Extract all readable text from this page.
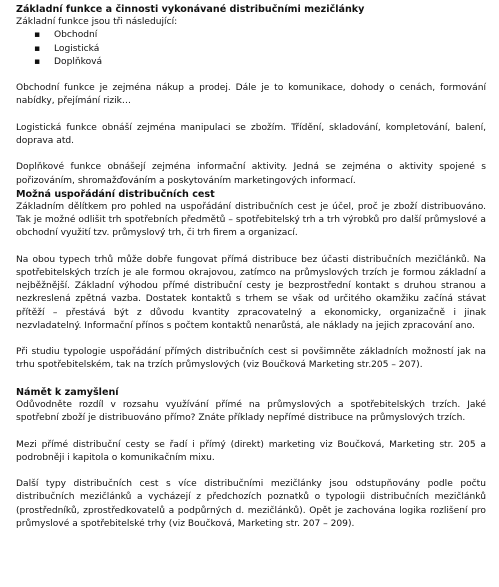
Základní funkce a činnosti vykonávané distribučními mezičlánky

Základní funkce jsou tři následující:

▪ Obchodní
▪ Logistická
▪ Doplňková

Obchodní funkce je zejména nákup a prodej. Dále je to komunikace, dohody o cenách, formování nabídky, přejímání rizik…

Logistická funkce obnáší zejména manipulaci se zbožím. Třídění, skladování, kompletování, balení, doprava atd.

Doplňkové funkce obnášejí zejména informační aktivity. Jedná se zejména o aktivity spojené s pořizováním, shromažďováním a poskytováním marketingových informací.

Možná uspořádání distribučních cest

Základním dělítkem pro pohled na uspořádání distribučních cest je účel, proč je zboží distribuováno. Tak je možné odlišit trh spotřebních předmětů – spotřebitelský trh a trh výrobků pro další průmyslové a obchodní využití tzv. průmyslový trh, či trh firem a organizací.

Na obou typech trhů může dobře fungovat přímá distribuce bez účasti distribučních mezičlánků. Na spotřebitelských trzích je ale formou okrajovou, zatímco na průmyslových trzích je formou základní a nejběžnější. Základní výhodou přímé distribuční cesty je bezprostřední kontakt s druhou stranou a nezkreslená zpětná vazba. Dostatek kontaktů s trhem se však od určitého okamžiku začíná stávat přítěží – přestává být z důvodu kvantity zpracovatelný a ekonomicky, organizačně i jinak nezvladatelný. Informační přínos s počtem kontaktů nenarůstá, ale náklady na jejich zpracování ano.

Při studiu typologie uspořádání přímých distribučních cest si povšimněte základních možností jak na trhu spotřebitelském, tak na trzích průmyslových (viz Boučková Marketing str.205 – 207).

Námět k zamyšlení

Odůvodněte rozdíl v rozsahu využívání přímé na průmyslových a spotřebitelských trzích. Jaké spotřební zboží je distribuováno přímo? Znáte příklady nepřímé distribuce na průmyslových trzích.

Mezi přímé distribuční cesty se řadí i přímý (direkt) marketing viz Boučková, Marketing str. 205 a podrobněji i kapitola o komunikačním mixu.

Další typy distribučních cest s více distribučními mezičlánky jsou odstupňovány podle počtu distribučních mezičlánků a vycházejí z předchozích poznatků o typologii distribučních mezičlánků (prostředníků, zprostředkovatelů a podpůrných d. mezičlánků). Opět je zachována logika rozlišení pro průmyslové a spotřebitelské trhy (viz Boučková, Marketing str. 207 – 209).
